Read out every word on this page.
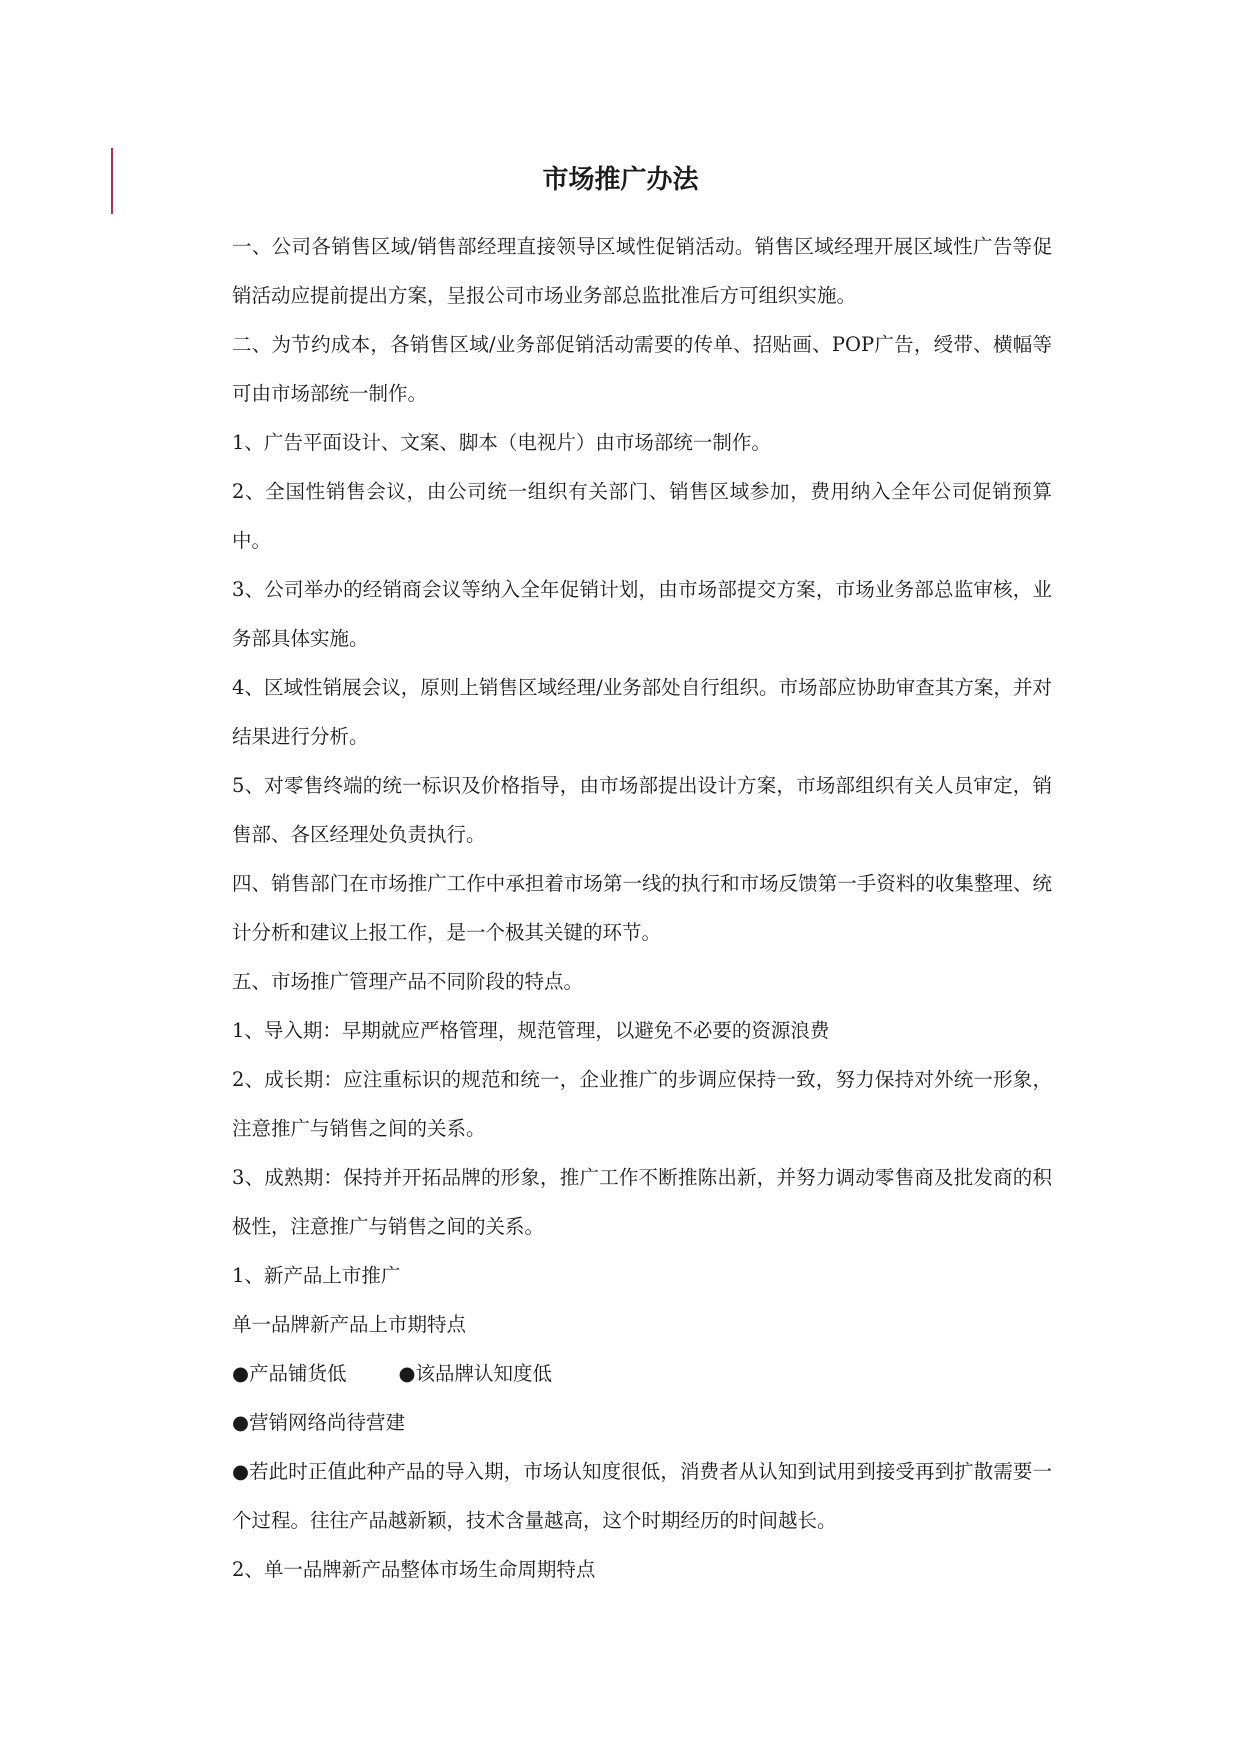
市场推广办法

一、公司各销售区域/销售部经理直接领导区域性促销活动。销售区域经理开展区域性广告等促销活动应提前提出方案，呈报公司市场业务部总监批准后方可组织实施。

二、为节约成本，各销售区域/业务部促销活动需要的传单、招贴画、POP广告，绶带、横幅等可由市场部统一制作。

1、广告平面设计、文案、脚本（电视片）由市场部统一制作。

2、全国性销售会议，由公司统一组织有关部门、销售区域参加，费用纳入全年公司促销预算中。

3、公司举办的经销商会议等纳入全年促销计划，由市场部提交方案，市场业务部总监审核，业务部具体实施。

4、区域性销展会议，原则上销售区域经理/业务部处自行组织。市场部应协助审查其方案，并对结果进行分析。

5、对零售终端的统一标识及价格指导，由市场部提出设计方案，市场部组织有关人员审定，销售部、各区经理处负责执行。

四、销售部门在市场推广工作中承担着市场第一线的执行和市场反馈第一手资料的收集整理、统计分析和建议上报工作，是一个极其关键的环节。

五、市场推广管理产品不同阶段的特点。

1、导入期：早期就应严格管理，规范管理，以避免不必要的资源浪费

2、成长期：应注重标识的规范和统一，企业推广的步调应保持一致，努力保持对外统一形象，注意推广与销售之间的关系。

3、成熟期：保持并开拓品牌的形象，推广工作不断推陈出新，并努力调动零售商及批发商的积极性，注意推广与销售之间的关系。

1、新产品上市推广

单一品牌新产品上市期特点

●产品铺货低	●该品牌认知度低

●营销网络尚待营建

●若此时正值此种产品的导入期，市场认知度很低，消费者从认知到试用到接受再到扩散需要一个过程。往往产品越新颖，技术含量越高，这个时期经历的时间越长。

2、单一品牌新产品整体市场生命周期特点
